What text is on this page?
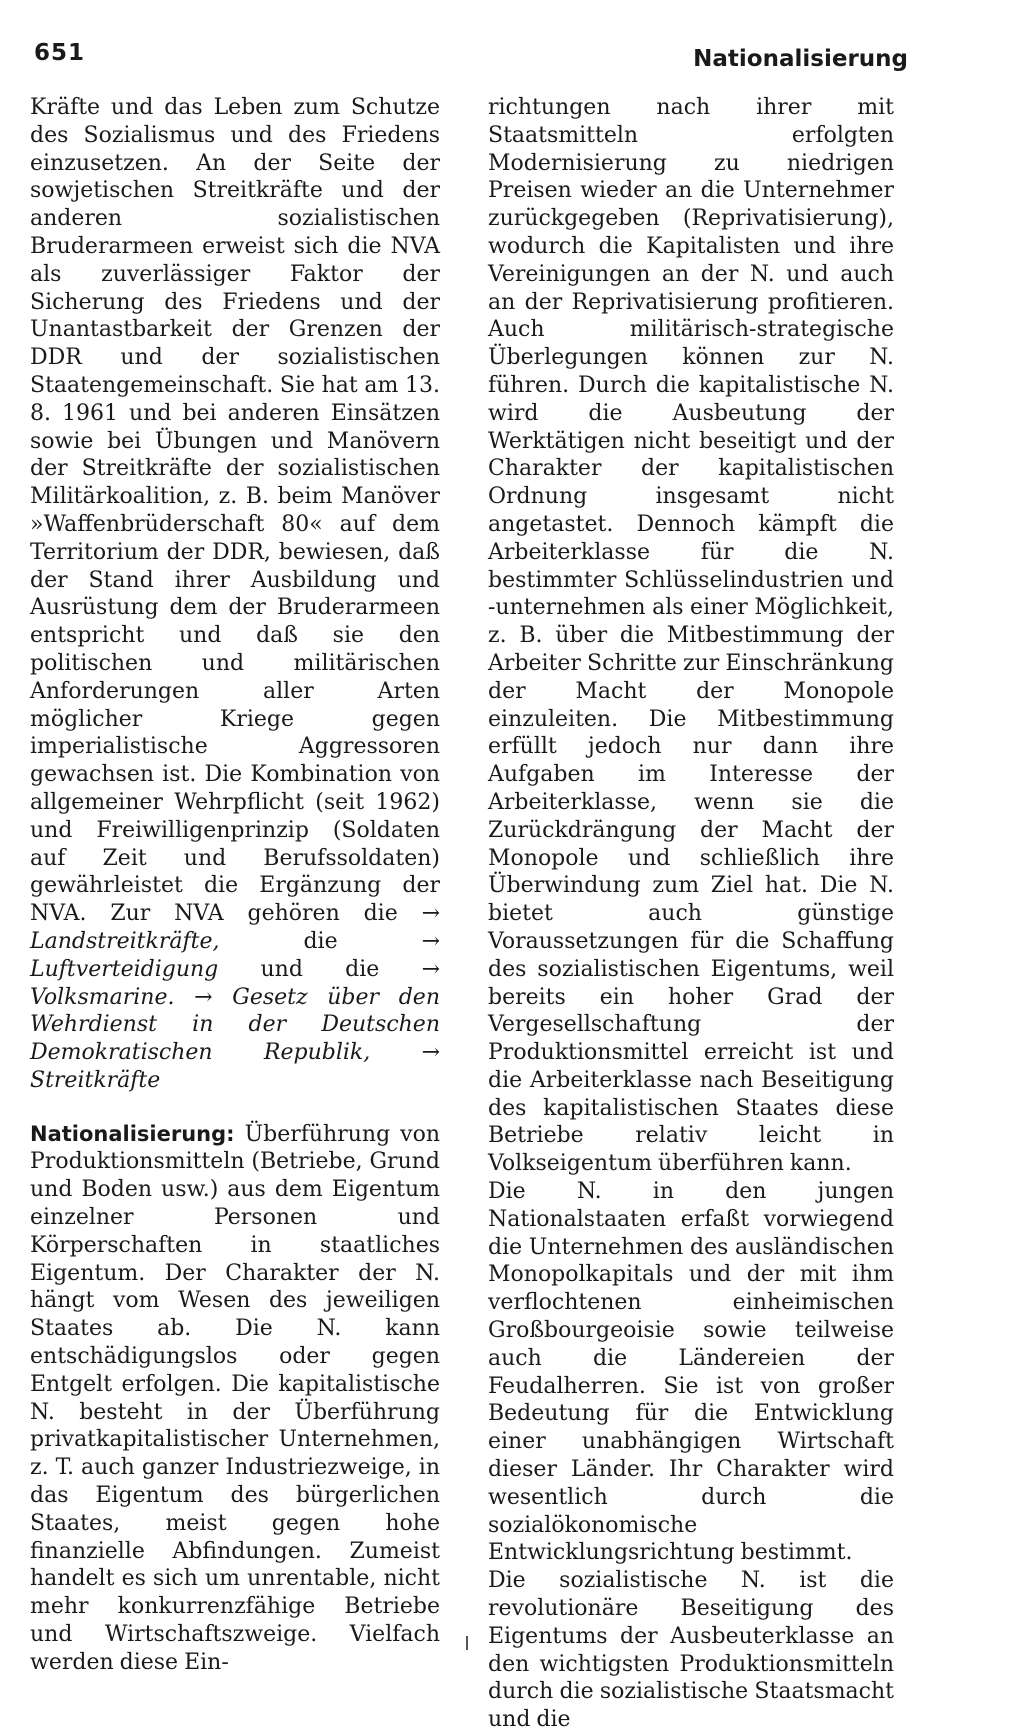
651	Nationalisierung

Kräfte und das Leben zum Schutze des Sozialismus und des Friedens einzusetzen. An der Seite der sowjetischen Streitkräfte und der anderen sozialistischen Bruderarmeen erweist sich die NVA als zuverlässiger Faktor der Sicherung des Friedens und der Unantastbarkeit der Grenzen der DDR und der sozialistischen Staatengemeinschaft. Sie hat am 13. 8. 1961 und bei anderen Einsätzen sowie bei Übungen und Manövern der Streitkräfte der sozialistischen Militärkoalition, z. B. beim Manöver »Waffenbrüderschaft 80« auf dem Territorium der DDR, bewiesen, daß der Stand ihrer Ausbildung und Ausrüstung dem der Bruderarmeen entspricht und daß sie den politischen und militärischen Anforderungen aller Arten möglicher Kriege gegen imperialistische Aggressoren gewachsen ist. Die Kombination von allgemeiner Wehrpflicht (seit 1962) und Freiwilligenprinzip (Soldaten auf Zeit und Berufssoldaten) gewährleistet die Ergänzung der NVA. Zur NVA gehören die → Landstreitkräfte,	die	→ Luftverteidigung und die → Volksmarine. → Gesetz über den Wehrdienst in der Deutschen Demokratischen Republik, → Streitkräfte

Nationalisierung: Überführung von Produktionsmitteln (Betriebe, Grund und Boden usw.) aus dem Eigentum einzelner Personen und Körperschaften in staatliches Eigentum. Der Charakter der N. hängt vom Wesen des jeweiligen Staates ab. Die N. kann entschädigungslos oder gegen Entgelt erfolgen. Die kapitalistische N. besteht in der Überführung privatkapitalistischer Unternehmen, z. T. auch ganzer Industriezweige, in das Eigentum des bürgerlichen Staates, meist gegen hohe finanzielle Abfindungen. Zumeist handelt es sich um unrentable, nicht mehr konkurrenzfähige Betriebe und Wirtschaftszweige. Vielfach werden diese Ein-

richtungen nach ihrer mit Staatsmitteln erfolgten Modernisierung zu niedrigen Preisen wieder an die Unternehmer zurückgegeben (Reprivatisierung), wodurch die Kapitalisten und ihre Vereinigungen an der N. und auch an der Reprivatisierung profitieren. Auch militärisch-strategische Überlegungen können zur N. führen. Durch die kapitalistische N. wird die Ausbeutung der Werktätigen nicht beseitigt und der Charakter der kapitalistischen Ordnung insgesamt nicht angetastet. Dennoch kämpft die Arbeiterklasse für die N. bestimmter Schlüsselindustrien und -unternehmen als einer Möglichkeit, z. B. über die Mitbestimmung der Arbeiter Schritte zur Einschränkung der Macht der Monopole einzuleiten. Die Mitbestimmung erfüllt jedoch nur dann ihre Aufgaben im Interesse der Arbeiterklasse, wenn sie die Zurückdrängung der Macht der Monopole und schließlich ihre Überwindung zum Ziel hat. Die N. bietet auch günstige Voraussetzungen für die Schaffung des sozialistischen Eigentums, weil bereits ein hoher Grad der Vergesellschaftung der Produktionsmittel erreicht ist und die Arbeiterklasse nach Beseitigung des kapitalistischen Staates diese Betriebe relativ leicht in Volkseigentum überführen kann.

Die N. in den jungen Nationalstaaten erfaßt vorwiegend die Unternehmen des ausländischen Monopolkapitals und der mit ihm verflochtenen einheimischen Großbourgeoisie sowie teilweise auch die Ländereien der Feudalherren. Sie ist von großer Bedeutung für die Entwicklung einer unabhängigen Wirtschaft dieser Länder. Ihr Charakter wird wesentlich durch die sozialökonomische Entwicklungsrichtung bestimmt.

Die sozialistische N. ist die revolutionäre Beseitigung des Eigentums der Ausbeuterklasse an den wichtigsten Produktionsmitteln durch die sozialistische Staatsmacht und die
